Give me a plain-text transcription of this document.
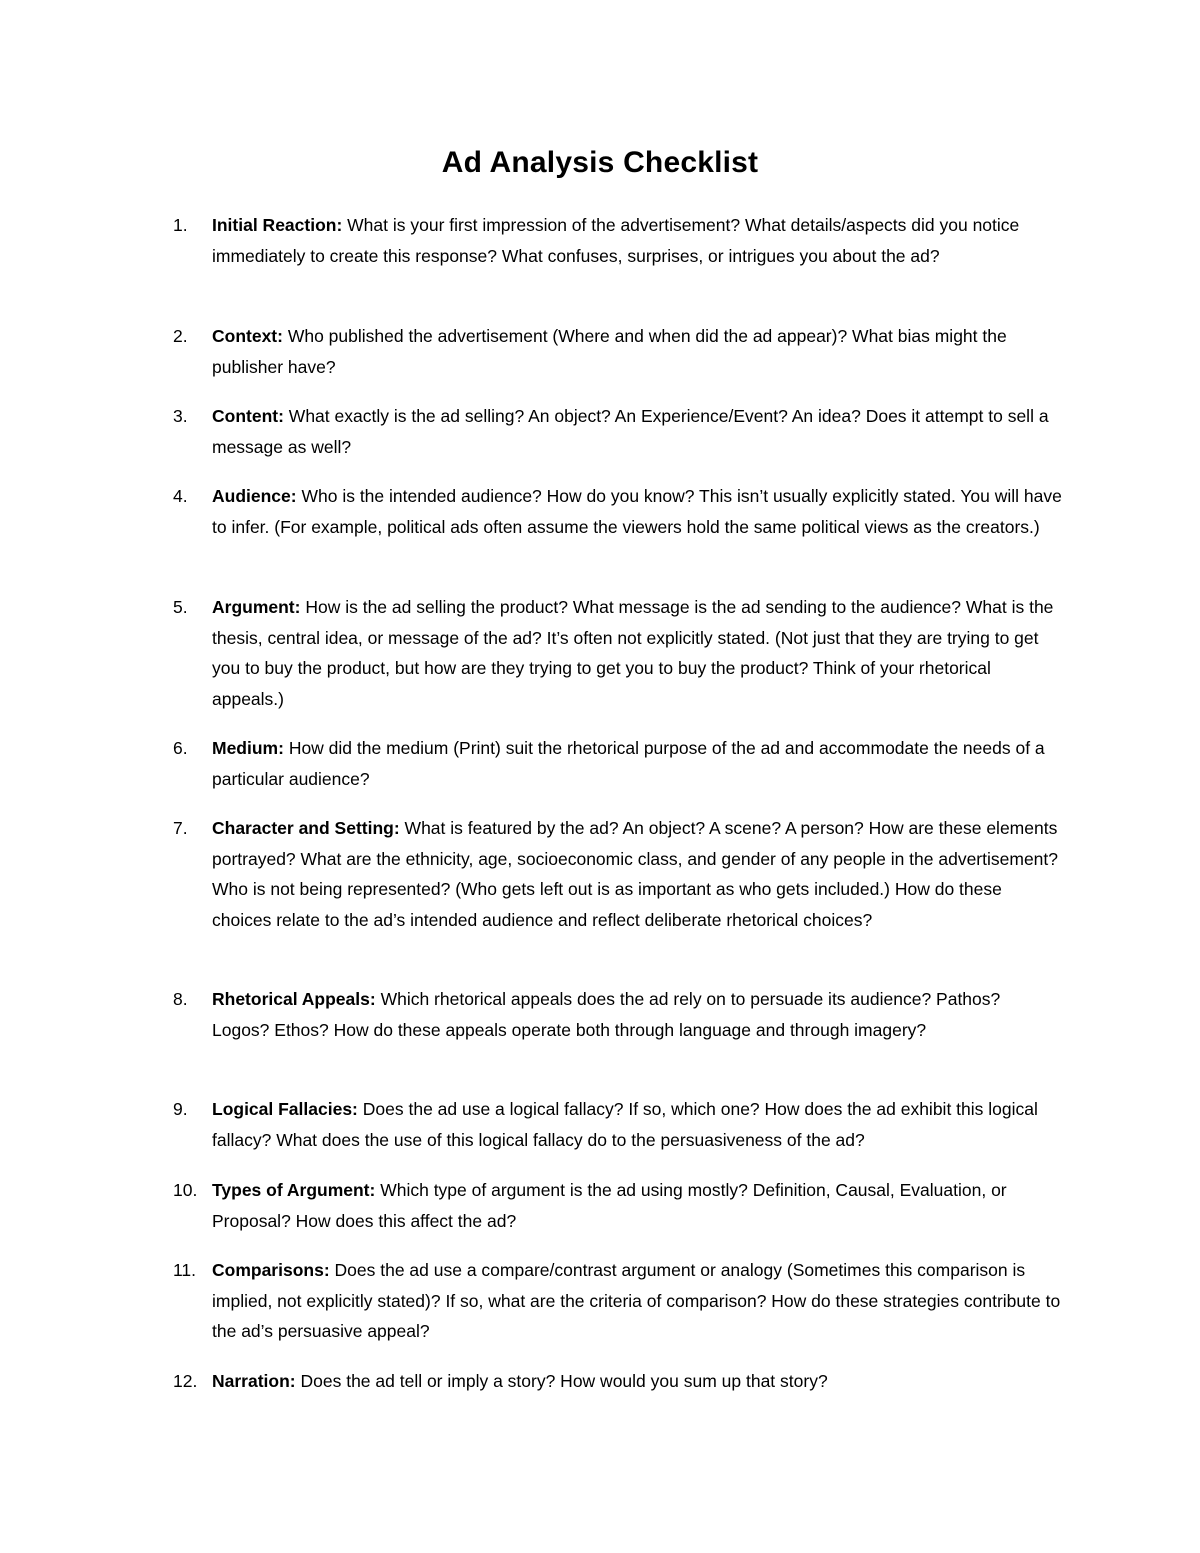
Ad Analysis Checklist
1. Initial Reaction: What is your first impression of the advertisement? What details/aspects did you notice immediately to create this response? What confuses, surprises, or intrigues you about the ad?
2. Context: Who published the advertisement (Where and when did the ad appear)? What bias might the publisher have?
3. Content: What exactly is the ad selling? An object? An Experience/Event? An idea? Does it attempt to sell a message as well?
4. Audience: Who is the intended audience? How do you know? This isn’t usually explicitly stated. You will have to infer. (For example, political ads often assume the viewers hold the same political views as the creators.)
5. Argument: How is the ad selling the product? What message is the ad sending to the audience? What is the thesis, central idea, or message of the ad? It’s often not explicitly stated. (Not just that they are trying to get you to buy the product, but how are they trying to get you to buy the product? Think of your rhetorical appeals.)
6. Medium: How did the medium (Print) suit the rhetorical purpose of the ad and accommodate the needs of a particular audience?
7. Character and Setting: What is featured by the ad? An object? A scene? A person? How are these elements portrayed? What are the ethnicity, age, socioeconomic class, and gender of any people in the advertisement? Who is not being represented? (Who gets left out is as important as who gets included.) How do these choices relate to the ad’s intended audience and reflect deliberate rhetorical choices?
8. Rhetorical Appeals: Which rhetorical appeals does the ad rely on to persuade its audience? Pathos? Logos? Ethos? How do these appeals operate both through language and through imagery?
9. Logical Fallacies: Does the ad use a logical fallacy? If so, which one? How does the ad exhibit this logical fallacy? What does the use of this logical fallacy do to the persuasiveness of the ad?
10. Types of Argument: Which type of argument is the ad using mostly? Definition, Causal, Evaluation, or Proposal? How does this affect the ad?
11. Comparisons: Does the ad use a compare/contrast argument or analogy (Sometimes this comparison is implied, not explicitly stated)? If so, what are the criteria of comparison? How do these strategies contribute to the ad’s persuasive appeal?
12. Narration: Does the ad tell or imply a story? How would you sum up that story?
